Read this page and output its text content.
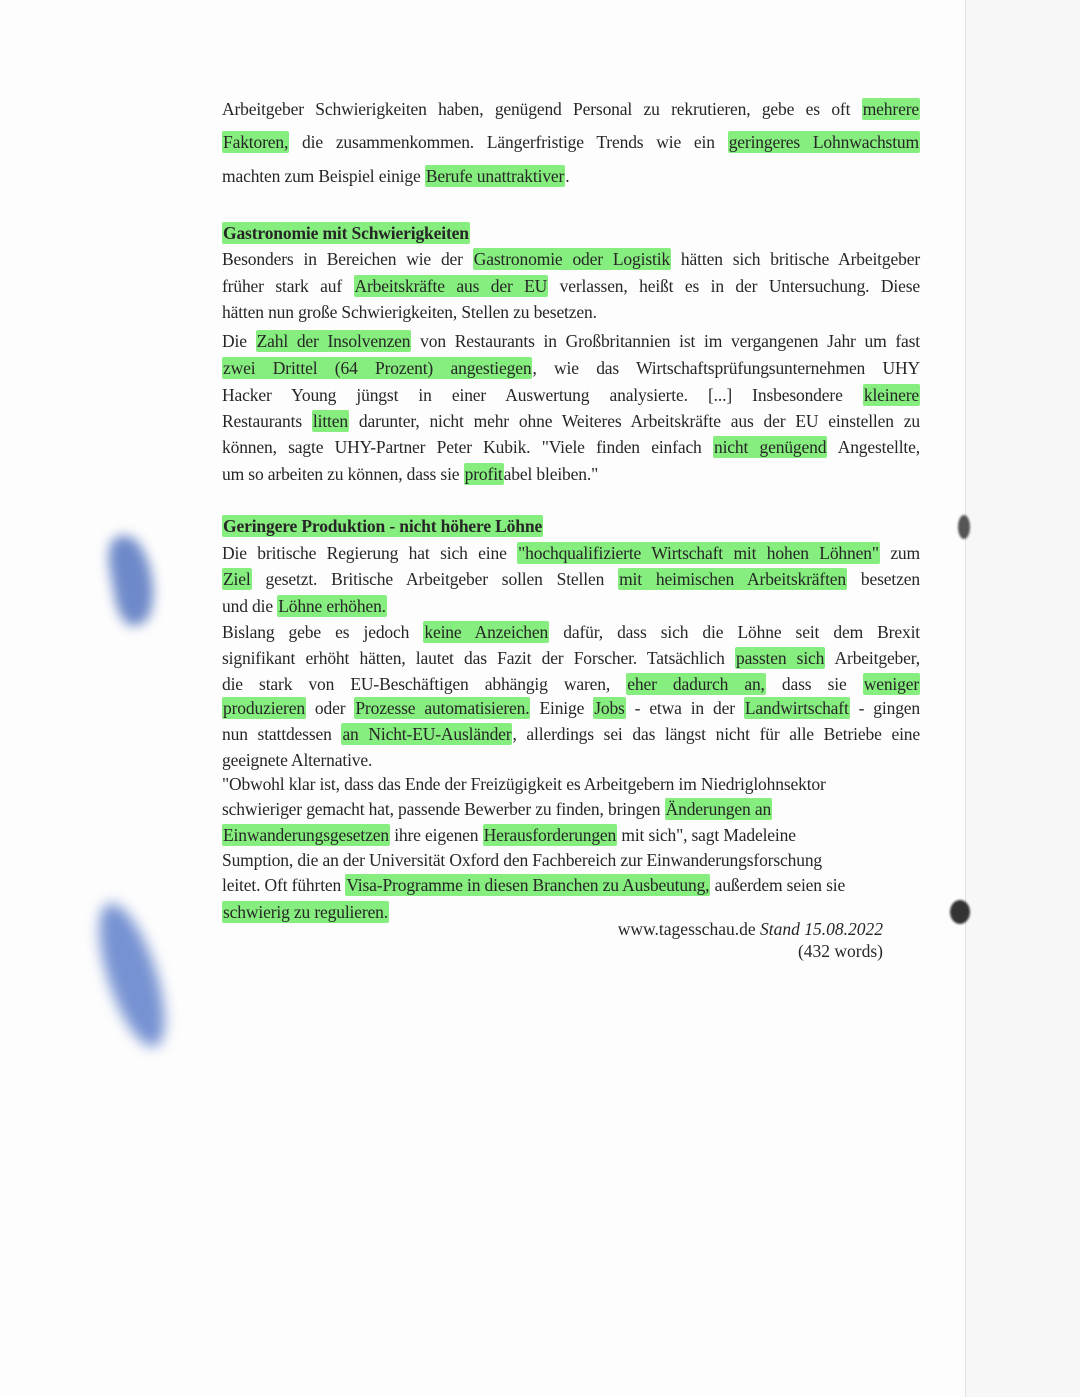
Arbeitgeber Schwierigkeiten haben, genügend Personal zu rekrutieren, gebe es oft mehrere
Faktoren, die zusammenkommen. Längerfristige Trends wie ein geringeres Lohnwachstum
machten zum Beispiel einige Berufe unattraktiver.
Gastronomie mit Schwierigkeiten
Besonders in Bereichen wie der Gastronomie oder Logistik hätten sich britische Arbeitgeber
früher stark auf Arbeitskräfte aus der EU verlassen, heißt es in der Untersuchung. Diese
hätten nun große Schwierigkeiten, Stellen zu besetzen.
Die Zahl der Insolvenzen von Restaurants in Großbritannien ist im vergangenen Jahr um fast
zwei Drittel (64 Prozent) angestiegen, wie das Wirtschaftsprüfungsunternehmen UHY
Hacker Young jüngst in einer Auswertung analysierte. [...] Insbesondere kleinere
Restaurants litten darunter, nicht mehr ohne Weiteres Arbeitskräfte aus der EU einstellen zu
können, sagte UHY-Partner Peter Kubik. "Viele finden einfach nicht genügend Angestellte,
um so arbeiten zu können, dass sie profitabel bleiben."
Geringere Produktion - nicht höhere Löhne
Die britische Regierung hat sich eine "hochqualifizierte Wirtschaft mit hohen Löhnen" zum
Ziel gesetzt. Britische Arbeitgeber sollen Stellen mit heimischen Arbeitskräften besetzen
und die Löhne erhöhen.
Bislang gebe es jedoch keine Anzeichen dafür, dass sich die Löhne seit dem Brexit
signifikant erhöht hätten, lautet das Fazit der Forscher. Tatsächlich passten sich Arbeitgeber,
die stark von EU-Beschäftigen abhängig waren, eher dadurch an, dass sie weniger
produzieren oder Prozesse automatisieren. Einige Jobs - etwa in der Landwirtschaft - gingen
nun stattdessen an Nicht-EU-Ausländer, allerdings sei das längst nicht für alle Betriebe eine
geeignete Alternative.
"Obwohl klar ist, dass das Ende der Freizügigkeit es Arbeitgebern im Niedriglohnsektor
schwieriger gemacht hat, passende Bewerber zu finden, bringen Änderungen an
Einwanderungsgesetzen ihre eigenen Herausforderungen mit sich", sagt Madeleine
Sumption, die an der Universität Oxford den Fachbereich zur Einwanderungsforschung
leitet. Oft führten Visa-Programme in diesen Branchen zu Ausbeutung, außerdem seien sie
schwierig zu regulieren.
www.tagesschau.de Stand 15.08.2022
(432 words)
